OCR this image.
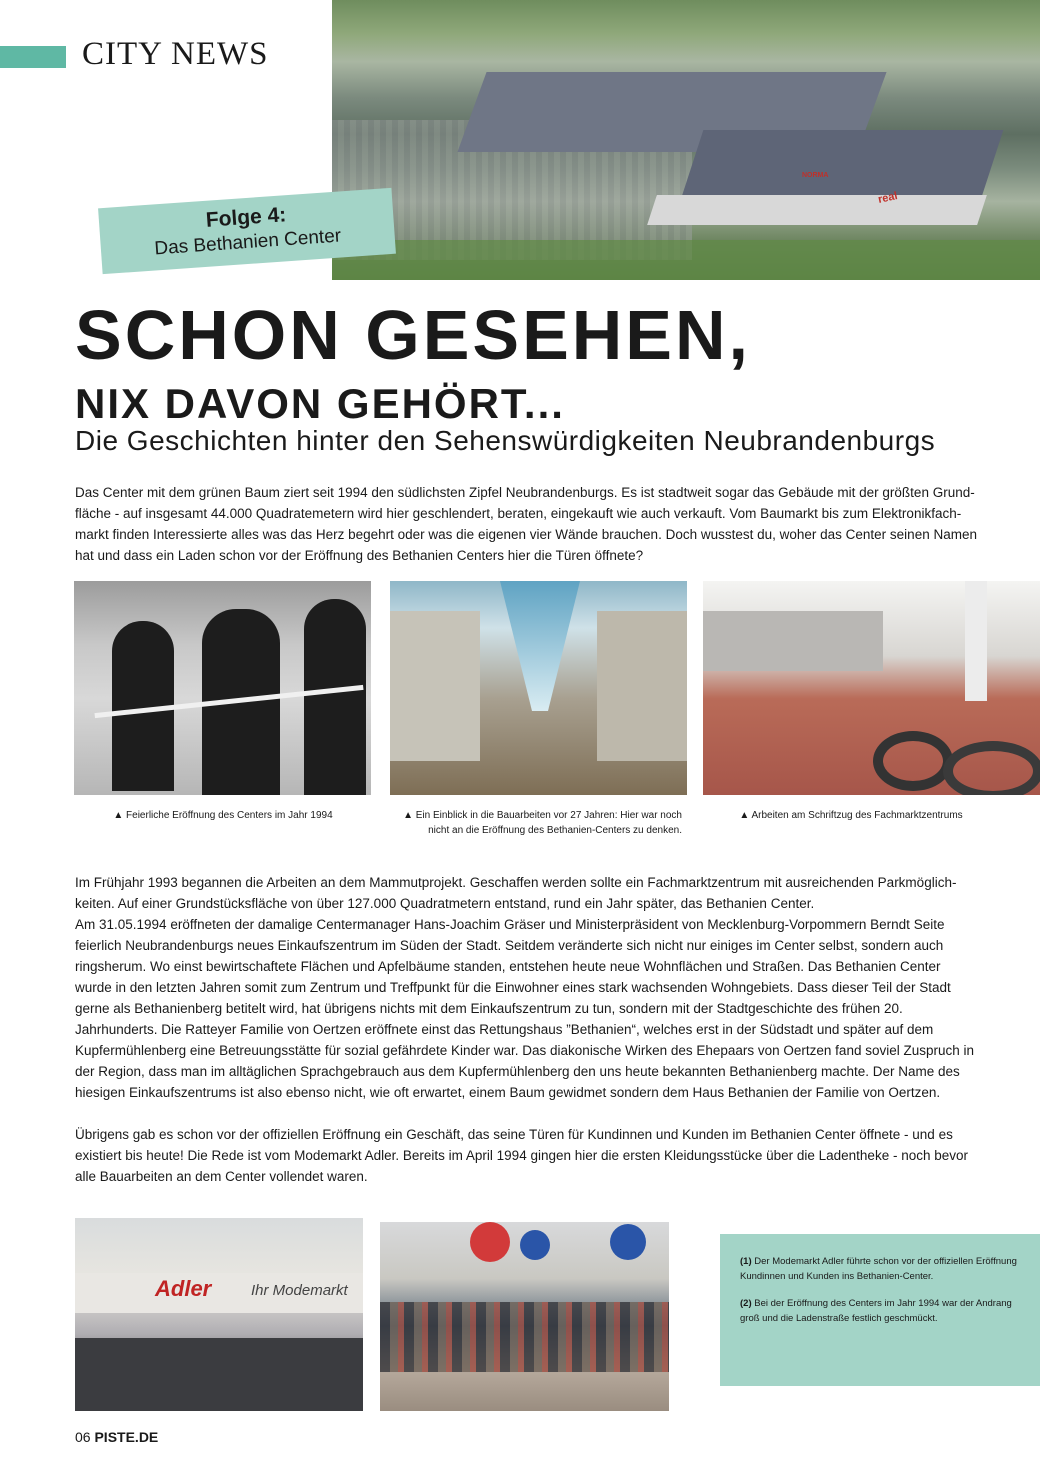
CITY NEWS
real
NORMA
Folge 4:
Das Bethanien Center
SCHON GESEHEN,
NIX DAVON GEHÖRT...
Die Geschichten hinter den Sehenswürdigkeiten Neubrandenburgs

Das Center mit dem grünen Baum ziert seit 1994 den südlichsten Zipfel Neubrandenburgs. Es ist stadtweit sogar das Gebäude mit der größten Grundfläche - auf insgesamt 44.000 Quadratemetern wird hier geschlendert, beraten, eingekauft wie auch verkauft. Vom Baumarkt bis zum Elektronikfachmarkt finden Interessierte alles was das Herz begehrt oder was die eigenen vier Wände brauchen. Doch wusstest du, woher das Center seinen Namen hat und dass ein Laden schon vor der Eröffnung des Bethanien Centers hier die Türen öffnete?

▲ Feierliche Eröffnung des Centers im Jahr 1994	▲ Ein Einblick in die Bauarbeiten vor 27 Jahren: Hier war noch nicht an die Eröffnung des Bethanien-Centers zu denken.
▲ Arbeiten am Schriftzug des Fachmarktzentrums
Im Frühjahr 1993 begannen die Arbeiten an dem Mammutprojekt. Geschaffen werden sollte ein Fachmarktzentrum mit ausreichenden Parkmöglichkeiten. Auf einer Grundstücksfläche von über 127.000 Quadratmetern entstand, rund ein Jahr später, das Bethanien Center.
Am 31.05.1994 eröffneten der damalige Centermanager Hans-Joachim Gräser und Ministerpräsident von Mecklenburg-Vorpommern Berndt Seite feierlich Neubrandenburgs neues Einkaufszentrum im Süden der Stadt. Seitdem veränderte sich nicht nur einiges im Center selbst, sondern auch ringsherum. Wo einst bewirtschaftete Flächen und Apfelbäume standen, entstehen heute neue Wohnflächen und Straßen. Das Bethanien Center wurde in den letzten Jahren somit zum Zentrum und Treffpunkt für die Einwohner eines stark wachsenden Wohngebiets. Dass dieser Teil der Stadt gerne als Bethanienberg betitelt wird, hat übrigens nichts mit dem Einkaufszentrum zu tun, sondern mit der Stadtgeschichte des frühen 20. Jahrhunderts. Die Ratteyer Familie von Oertzen eröffnete einst das Rettungshaus ”Bethanien“, welches erst in der Südstadt und später auf dem Kupfermühlenberg eine Betreuungsstätte für sozial gefährdete Kinder war. Das diakonische Wirken des Ehepaars von Oertzen fand soviel Zuspruch in der Region, dass man im alltäglichen Sprachgebrauch aus dem Kupfermühlenberg den uns heute bekannten Bethanienberg machte. Der Name des hiesigen Einkaufszentrums ist also ebenso nicht, wie oft erwartet, einem Baum gewidmet sondern dem Haus Bethanien der Familie von Oertzen.

Übrigens gab es schon vor der offiziellen Eröffnung ein Geschäft, das seine Türen für Kundinnen und Kunden im Bethanien Center öffnete - und es existiert bis heute! Die Rede ist vom Modemarkt Adler. Bereits im April 1994 gingen hier die ersten Kleidungsstücke über die Ladentheke - noch bevor alle Bauarbeiten an dem Center vollendet waren.

Adler	Ihr Modemarkt

(1) Der Modemarkt Adler führte schon vor der offiziellen Eröffnung Kundinnen und Kunden ins Bethanien-Center.

(2) Bei der Eröffnung des Centers im Jahr 1994 war der Andrang groß und die Ladenstraße festlich geschmückt.

06 PISTE.DE
